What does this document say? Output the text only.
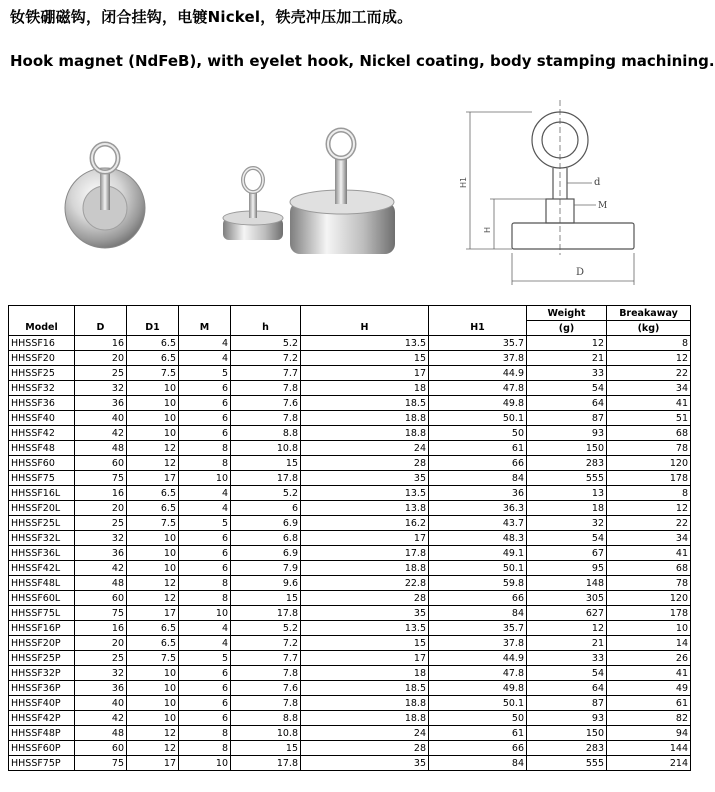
钕铁硼磁钩，闭合挂钩，电镀Nickel，铁壳冲压加工而成。
Hook magnet (NdFeB), with eyelet hook, Nickel coating, body stamping machining.
H1
H
D
d
M
							Weight	Breakaway
Model	D	D1	M	h	H	H1	(g)	(kg)
HHSSF16	16	6.5	4	5.2	13.5	35.7	12	8
HHSSF20	20	6.5	4	7.2	15	37.8	21	12
HHSSF25	25	7.5	5	7.7	17	44.9	33	22
HHSSF32	32	10	6	7.8	18	47.8	54	34
HHSSF36	36	10	6	7.6	18.5	49.8	64	41
HHSSF40	40	10	6	7.8	18.8	50.1	87	51
HHSSF42	42	10	6	8.8	18.8	50	93	68
HHSSF48	48	12	8	10.8	24	61	150	78
HHSSF60	60	12	8	15	28	66	283	120
HHSSF75	75	17	10	17.8	35	84	555	178
HHSSF16L	16	6.5	4	5.2	13.5	36	13	8
HHSSF20L	20	6.5	4	6	13.8	36.3	18	12
HHSSF25L	25	7.5	5	6.9	16.2	43.7	32	22
HHSSF32L	32	10	6	6.8	17	48.3	54	34
HHSSF36L	36	10	6	6.9	17.8	49.1	67	41
HHSSF42L	42	10	6	7.9	18.8	50.1	95	68
HHSSF48L	48	12	8	9.6	22.8	59.8	148	78
HHSSF60L	60	12	8	15	28	66	305	120
HHSSF75L	75	17	10	17.8	35	84	627	178
HHSSF16P	16	6.5	4	5.2	13.5	35.7	12	10
HHSSF20P	20	6.5	4	7.2	15	37.8	21	14
HHSSF25P	25	7.5	5	7.7	17	44.9	33	26
HHSSF32P	32	10	6	7.8	18	47.8	54	41
HHSSF36P	36	10	6	7.6	18.5	49.8	64	49
HHSSF40P	40	10	6	7.8	18.8	50.1	87	61
HHSSF42P	42	10	6	8.8	18.8	50	93	82
HHSSF48P	48	12	8	10.8	24	61	150	94
HHSSF60P	60	12	8	15	28	66	283	144
HHSSF75P	75	17	10	17.8	35	84	555	214
